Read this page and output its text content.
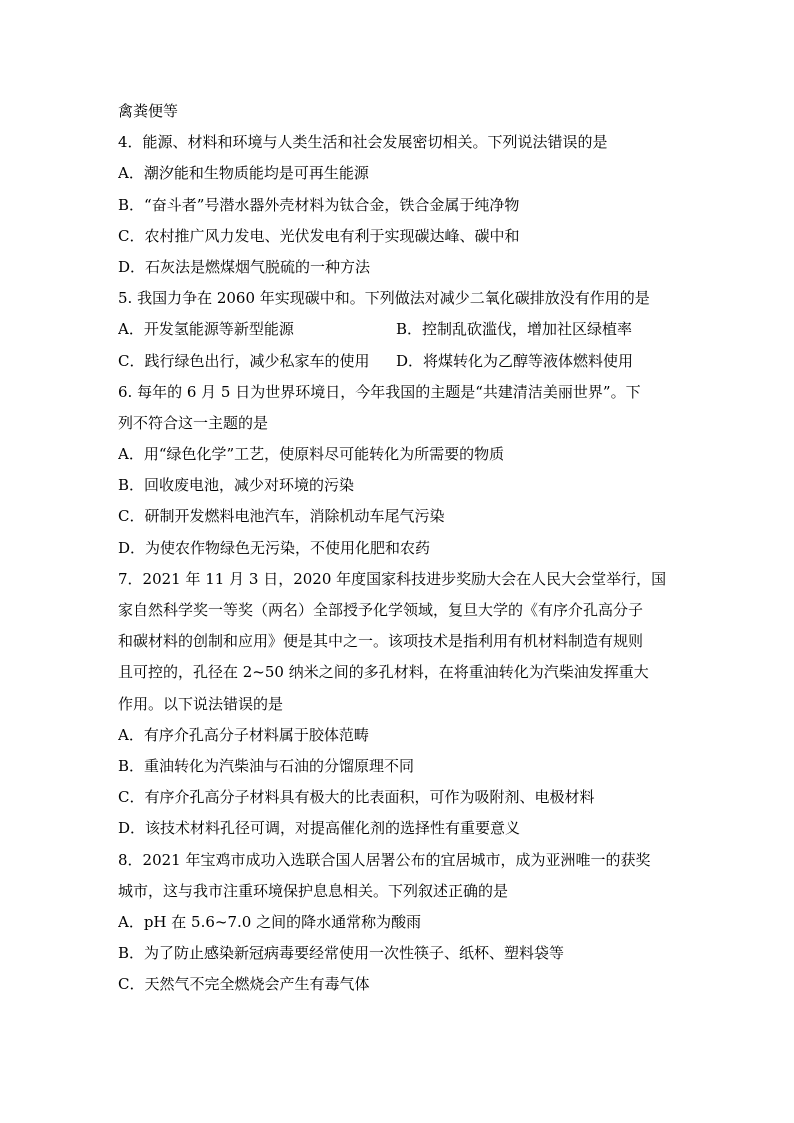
禽粪便等
4．能源、材料和环境与人类生活和社会发展密切相关。下列说法错误的是
A．潮汐能和生物质能均是可再生能源
B．“奋斗者”号潜水器外壳材料为钛合金，铁合金属于纯净物
C．农村推广风力发电、光伏发电有利于实现碳达峰、碳中和
D．石灰法是燃煤烟气脱硫的一种方法
5. 我国力争在 2060 年实现碳中和。下列做法对减少二氧化碳排放没有作用的是
A．开发氢能源等新型能源	B．控制乱砍滥伐，增加社区绿植率
C．践行绿色出行，减少私家车的使用	D．将煤转化为乙醇等液体燃料使用
6. 每年的 6 月 5 日为世界环境日，今年我国的主题是“共建清洁美丽世界”。下
列不符合这一主题的是
A．用“绿色化学”工艺，使原料尽可能转化为所需要的物质
B．回收废电池，减少对环境的污染
C．研制开发燃料电池汽车，消除机动车尾气污染
D．为使农作物绿色无污染，不使用化肥和农药
7．2021 年 11 月 3 日，2020 年度国家科技进步奖励大会在人民大会堂举行，国
家自然科学奖一等奖（两名）全部授予化学领域，复旦大学的《有序介孔高分子
和碳材料的创制和应用》便是其中之一。该项技术是指利用有机材料制造有规则
且可控的，孔径在 2~50 纳米之间的多孔材料，在将重油转化为汽柴油发挥重大
作用。以下说法错误的是
A．有序介孔高分子材料属于胶体范畴
B．重油转化为汽柴油与石油的分馏原理不同
C．有序介孔高分子材料具有极大的比表面积，可作为吸附剂、电极材料
D．该技术材料孔径可调，对提高催化剂的选择性有重要意义
8．2021 年宝鸡市成功入选联合国人居署公布的宜居城市，成为亚洲唯一的获奖
城市，这与我市注重环境保护息息相关。下列叙述正确的是
A．pH 在 5.6~7.0 之间的降水通常称为酸雨
B．为了防止感染新冠病毒要经常使用一次性筷子、纸杯、塑料袋等
C．天然气不完全燃烧会产生有毒气体
